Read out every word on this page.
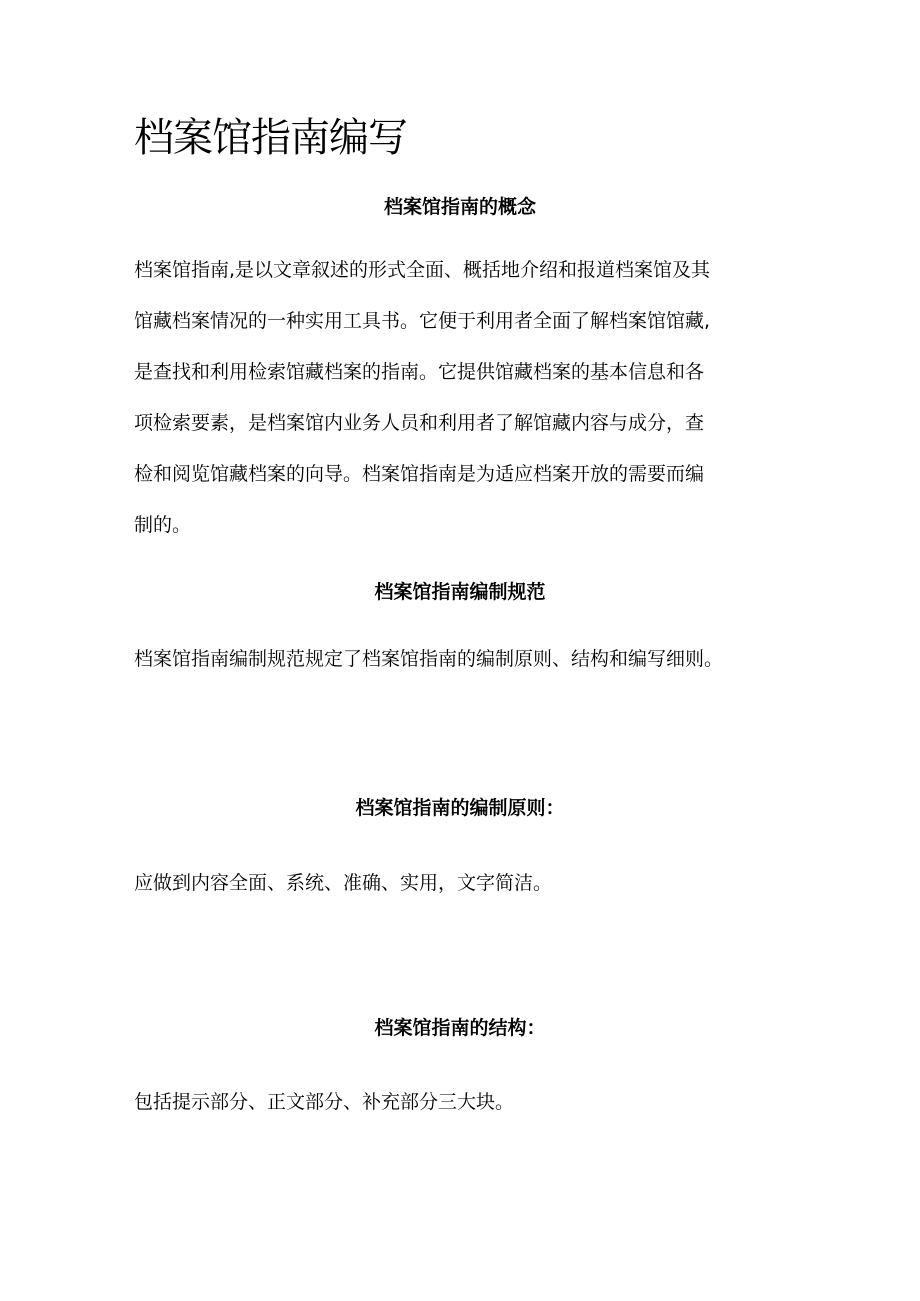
档案馆指南编写
档案馆指南的概念
档案馆指南,是以文章叙述的形式全面、概括地介绍和报道档案馆及其
馆藏档案情况的一种实用工具书。它便于利用者全面了解档案馆馆藏,
是查找和利用检索馆藏档案的指南。它提供馆藏档案的基本信息和各
项检索要素，是档案馆内业务人员和利用者了解馆藏内容与成分，查
检和阅览馆藏档案的向导。档案馆指南是为适应档案开放的需要而编
制的。
档案馆指南编制规范

档案馆指南编制规范规定了档案馆指南的编制原则、结构和编写细则。

档案馆指南的编制原则：

应做到内容全面、系统、准确、实用，文字简洁。

档案馆指南的结构：

包括提示部分、正文部分、补充部分三大块。
